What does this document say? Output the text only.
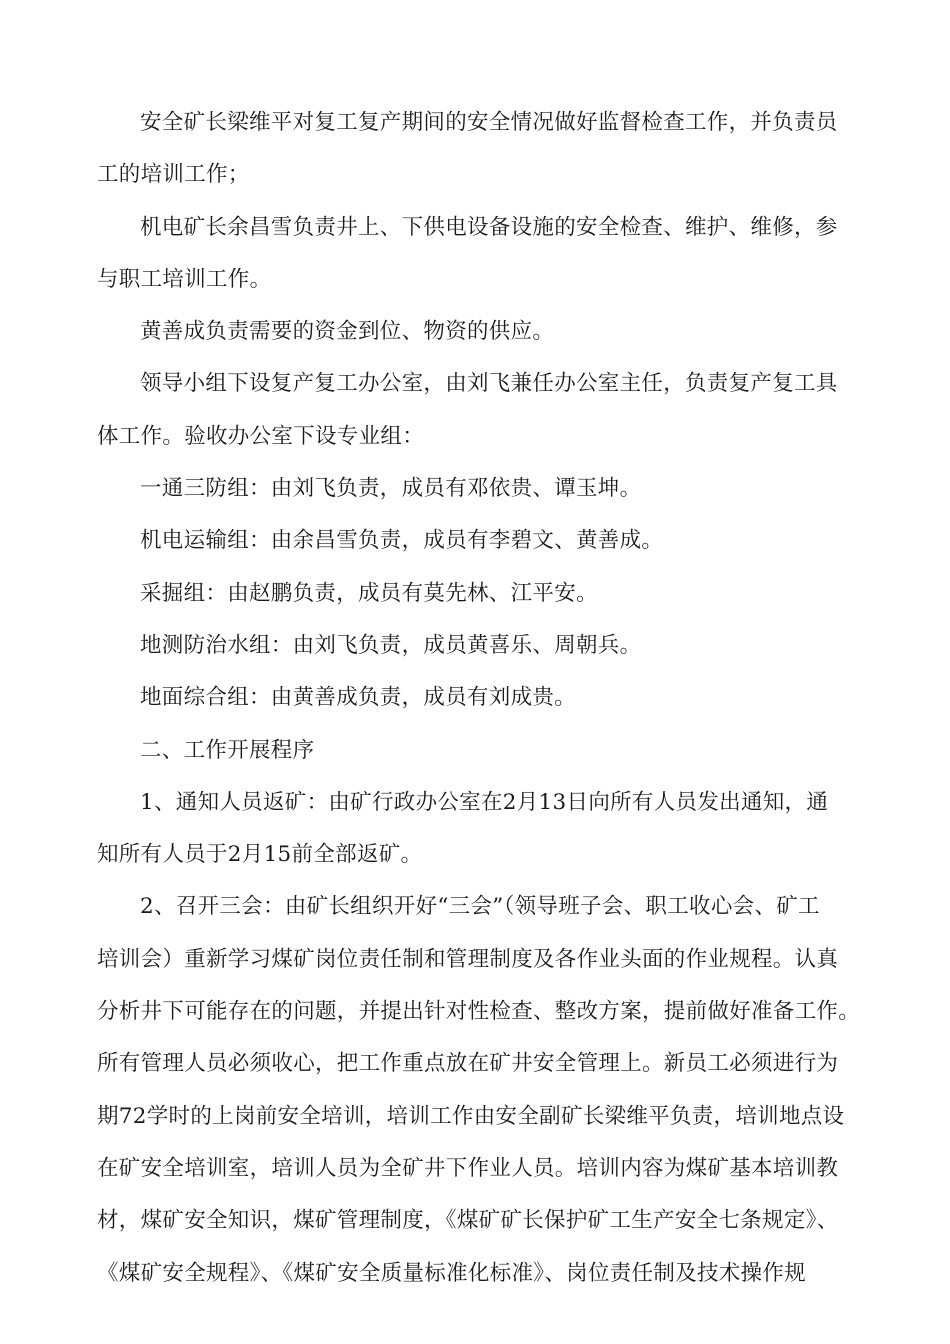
安全矿长梁维平对复工复产期间的安全情况做好监督检查工作，并负责员

工的培训工作；

机电矿长余昌雪负责井上、下供电设备设施的安全检查、维护、维修，参

与职工培训工作。

黄善成负责需要的资金到位、物资的供应。

领导小组下设复产复工办公室，由刘飞兼任办公室主任，负责复产复工具

体工作。验收办公室下设专业组：

一通三防组：由刘飞负责，成员有邓依贵、谭玉坤。

机电运输组：由余昌雪负责，成员有李碧文、黄善成。

采掘组：由赵鹏负责，成员有莫先林、江平安。

地测防治水组：由刘飞负责，成员黄喜乐、周朝兵。

地面综合组：由黄善成负责，成员有刘成贵。

二、工作开展程序

1、通知人员返矿：由矿行政办公室在2月13日向所有人员发出通知，通

知所有人员于2月15前全部返矿。

2、召开三会：由矿长组织开好“三会”（领导班子会、职工收心会、矿工

培训会）重新学习煤矿岗位责任制和管理制度及各作业头面的作业规程。认真

分析井下可能存在的问题，并提出针对性检查、整改方案，提前做好准备工作。

所有管理人员必须收心，把工作重点放在矿井安全管理上。新员工必须进行为

期72学时的上岗前安全培训，培训工作由安全副矿长梁维平负责，培训地点设

在矿安全培训室，培训人员为全矿井下作业人员。培训内容为煤矿基本培训教

材，煤矿安全知识，煤矿管理制度，《煤矿矿长保护矿工生产安全七条规定》、

《煤矿安全规程》、《煤矿安全质量标准化标准》、岗位责任制及技术操作规
